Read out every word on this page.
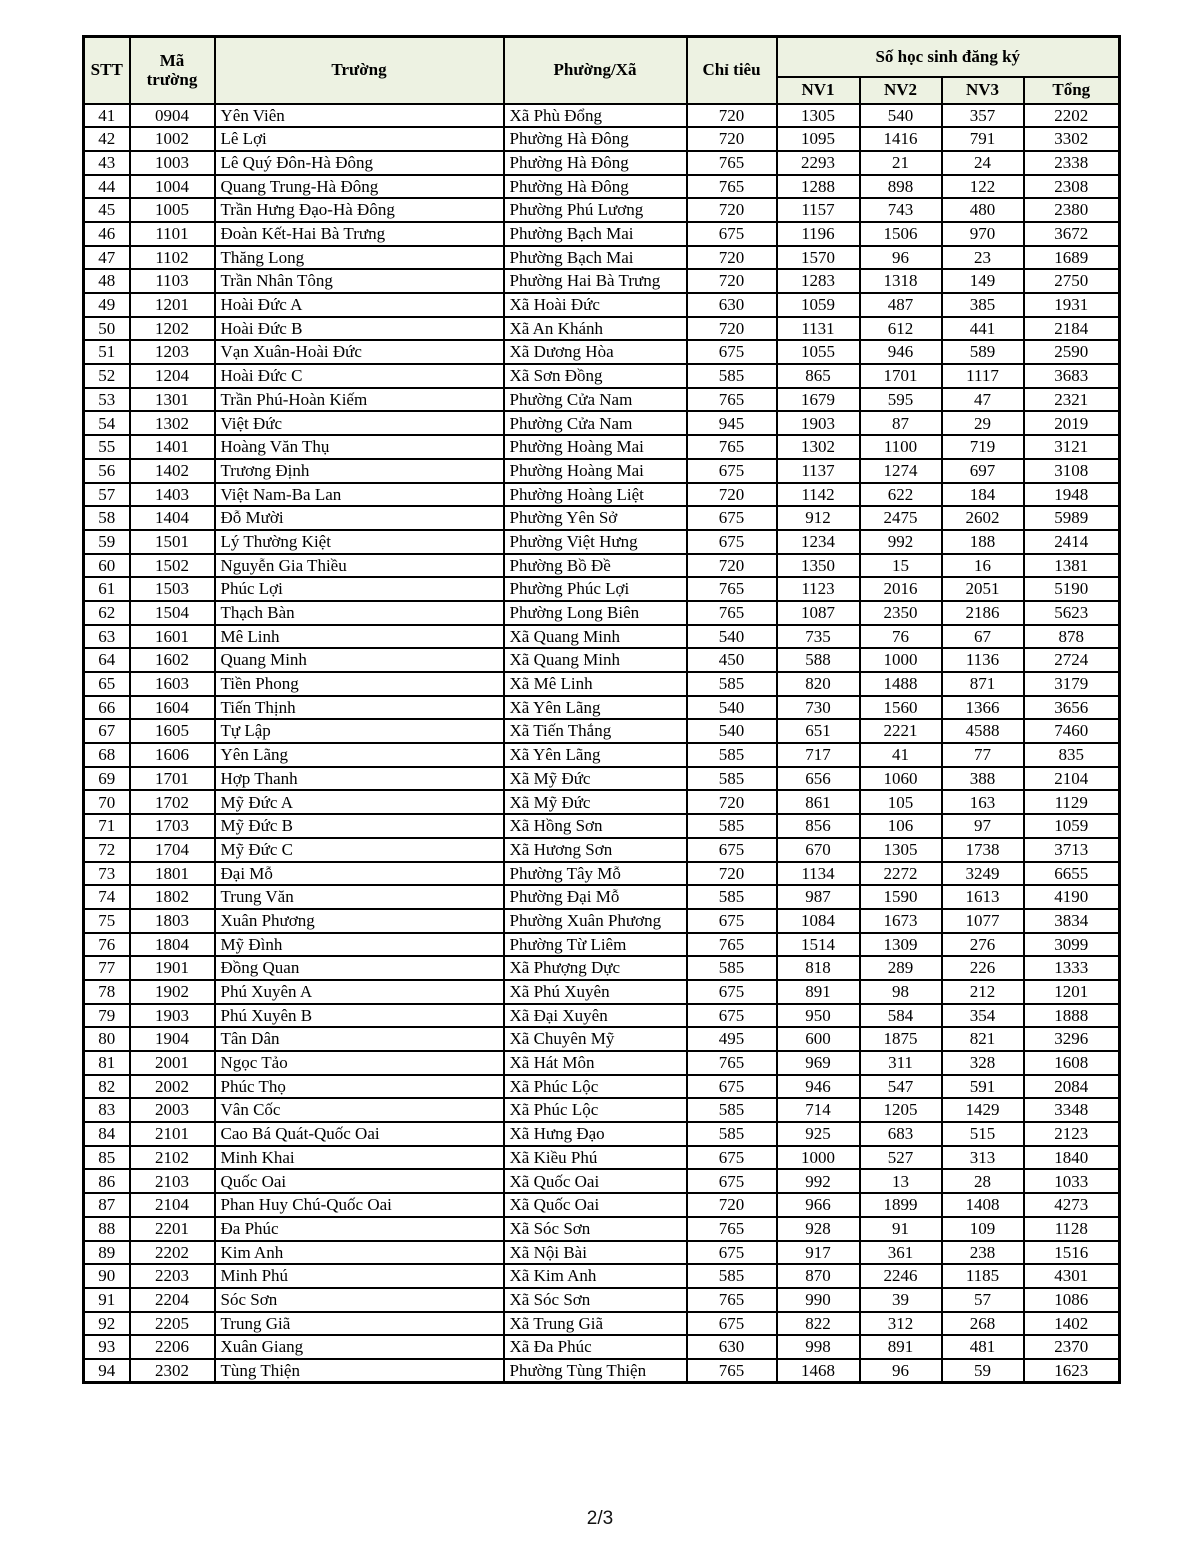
STT	Mã trường	Trường	Phường/Xã	Chỉ tiêu	Số học sinh đăng ký			
					NV1	NV2	NV3	Tổng
41	0904	Yên Viên	Xã Phù Đổng	720	1305	540	357	2202
42	1002	Lê Lợi	Phường Hà Đông	720	1095	1416	791	3302
43	1003	Lê Quý Đôn-Hà Đông	Phường Hà Đông	765	2293	21	24	2338
44	1004	Quang Trung-Hà Đông	Phường Hà Đông	765	1288	898	122	2308
45	1005	Trần Hưng Đạo-Hà Đông	Phường Phú Lương	720	1157	743	480	2380
46	1101	Đoàn Kết-Hai Bà Trưng	Phường Bạch Mai	675	1196	1506	970	3672
47	1102	Thăng Long	Phường Bạch Mai	720	1570	96	23	1689
48	1103	Trần Nhân Tông	Phường Hai Bà Trưng	720	1283	1318	149	2750
49	1201	Hoài Đức A	Xã Hoài Đức	630	1059	487	385	1931
50	1202	Hoài Đức B	Xã An Khánh	720	1131	612	441	2184
51	1203	Vạn Xuân-Hoài Đức	Xã Dương Hòa	675	1055	946	589	2590
52	1204	Hoài Đức C	Xã Sơn Đồng	585	865	1701	1117	3683
53	1301	Trần Phú-Hoàn Kiếm	Phường Cửa Nam	765	1679	595	47	2321
54	1302	Việt Đức	Phường Cửa Nam	945	1903	87	29	2019
55	1401	Hoàng Văn Thụ	Phường Hoàng Mai	765	1302	1100	719	3121
56	1402	Trương Định	Phường Hoàng Mai	675	1137	1274	697	3108
57	1403	Việt Nam-Ba Lan	Phường Hoàng Liệt	720	1142	622	184	1948
58	1404	Đỗ Mười	Phường Yên Sở	675	912	2475	2602	5989
59	1501	Lý Thường Kiệt	Phường Việt Hưng	675	1234	992	188	2414
60	1502	Nguyễn Gia Thiều	Phường Bồ Đề	720	1350	15	16	1381
61	1503	Phúc Lợi	Phường Phúc Lợi	765	1123	2016	2051	5190
62	1504	Thạch Bàn	Phường Long Biên	765	1087	2350	2186	5623
63	1601	Mê Linh	Xã Quang Minh	540	735	76	67	878
64	1602	Quang Minh	Xã Quang Minh	450	588	1000	1136	2724
65	1603	Tiền Phong	Xã Mê Linh	585	820	1488	871	3179
66	1604	Tiến Thịnh	Xã Yên Lãng	540	730	1560	1366	3656
67	1605	Tự Lập	Xã Tiến Thắng	540	651	2221	4588	7460
68	1606	Yên Lãng	Xã Yên Lãng	585	717	41	77	835
69	1701	Hợp Thanh	Xã Mỹ Đức	585	656	1060	388	2104
70	1702	Mỹ Đức A	Xã Mỹ Đức	720	861	105	163	1129
71	1703	Mỹ Đức B	Xã Hồng Sơn	585	856	106	97	1059
72	1704	Mỹ Đức C	Xã Hương Sơn	675	670	1305	1738	3713
73	1801	Đại Mỗ	Phường Tây Mỗ	720	1134	2272	3249	6655
74	1802	Trung Văn	Phường Đại Mỗ	585	987	1590	1613	4190
75	1803	Xuân Phương	Phường Xuân Phương	675	1084	1673	1077	3834
76	1804	Mỹ Đình	Phường Từ Liêm	765	1514	1309	276	3099
77	1901	Đồng Quan	Xã Phượng Dực	585	818	289	226	1333
78	1902	Phú Xuyên A	Xã Phú Xuyên	675	891	98	212	1201
79	1903	Phú Xuyên B	Xã Đại Xuyên	675	950	584	354	1888
80	1904	Tân Dân	Xã Chuyên Mỹ	495	600	1875	821	3296
81	2001	Ngọc Tảo	Xã Hát Môn	765	969	311	328	1608
82	2002	Phúc Thọ	Xã Phúc Lộc	675	946	547	591	2084
83	2003	Vân Cốc	Xã Phúc Lộc	585	714	1205	1429	3348
84	2101	Cao Bá Quát-Quốc Oai	Xã Hưng Đạo	585	925	683	515	2123
85	2102	Minh Khai	Xã Kiều Phú	675	1000	527	313	1840
86	2103	Quốc Oai	Xã Quốc Oai	675	992	13	28	1033
87	2104	Phan Huy Chú-Quốc Oai	Xã Quốc Oai	720	966	1899	1408	4273
88	2201	Đa Phúc	Xã Sóc Sơn	765	928	91	109	1128
89	2202	Kim Anh	Xã Nội Bài	675	917	361	238	1516
90	2203	Minh Phú	Xã Kim Anh	585	870	2246	1185	4301
91	2204	Sóc Sơn	Xã Sóc Sơn	765	990	39	57	1086
92	2205	Trung Giã	Xã Trung Giã	675	822	312	268	1402
93	2206	Xuân Giang	Xã Đa Phúc	630	998	891	481	2370
94	2302	Tùng Thiện	Phường Tùng Thiện	765	1468	96	59	1623
2/3
